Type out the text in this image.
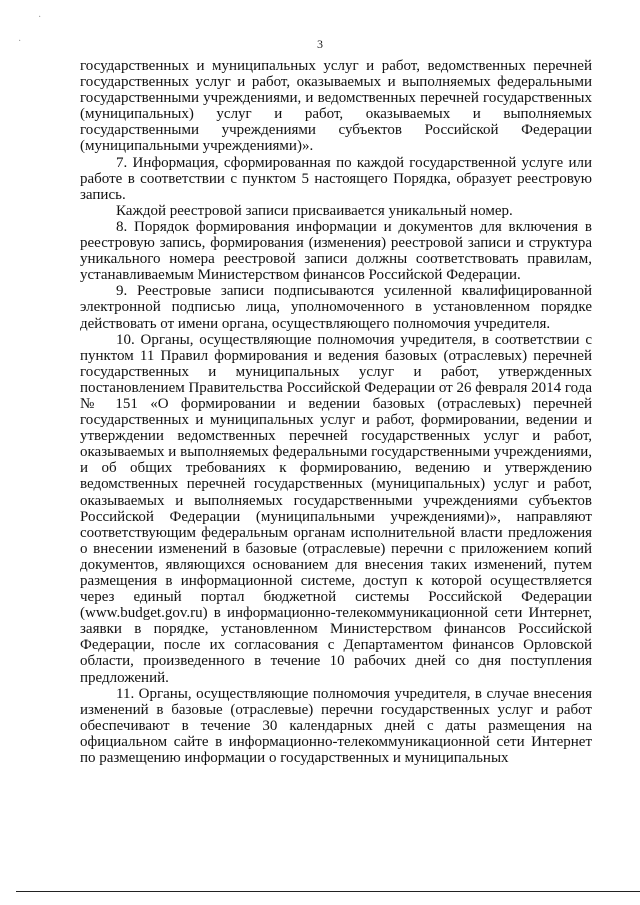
·
·	3

государственных и муниципальных услуг и работ, ведомственных перечней государственных услуг и работ, оказываемых и выполняемых федеральными государственными учреждениями, и ведомственных перечней государственных (муниципальных) услуг и работ, оказываемых и выполняемых государственными учреждениями субъектов Российской Федерации (муниципальными учреждениями)».

7. Информация, сформированная по каждой государственной услуге или работе в соответствии с пунктом 5 настоящего Порядка, образует реестровую запись.

Каждой реестровой записи присваивается уникальный номер.

8. Порядок формирования информации и документов для включения в реестровую запись, формирования (изменения) реестровой записи и структура уникального номера реестровой записи должны соответствовать правилам, устанавливаемым Министерством финансов Российской Федерации.

9. Реестровые записи подписываются усиленной квалифицированной электронной подписью лица, уполномоченного в установленном порядке действовать от имени органа, осуществляющего полномочия учредителя.

10. Органы, осуществляющие полномочия учредителя, в соответствии с пунктом 11 Правил формирования и ведения базовых (отраслевых) перечней государственных и муниципальных услуг и работ, утвержденных постановлением Правительства Российской Федерации от 26 февраля 2014 года № 151 «О формировании и ведении базовых (отраслевых) перечней государственных и муниципальных услуг и работ, формировании, ведении и утверждении ведомственных перечней государственных услуг и работ, оказываемых и выполняемых федеральными государственными учреждениями, и об общих требованиях к формированию, ведению и утверждению ведомственных перечней государственных (муниципальных) услуг и работ, оказываемых и выполняемых государственными учреждениями субъектов Российской Федерации (муниципальными учреждениями)», направляют соответствующим федеральным органам исполнительной власти предложения о внесении изменений в базовые (отраслевые) перечни с приложением копий документов, являющихся основанием для внесения таких изменений, путем размещения в информационной системе, доступ к которой осуществляется через единый портал бюджетной системы Российской Федерации (www.budget.gov.ru) в информационно-телекоммуникационной сети Интернет, заявки в порядке, установленном Министерством финансов Российской Федерации, после их согласования с Департаментом финансов Орловской области, произведенного в течение 10 рабочих дней со дня поступления предложений.

11. Органы, осуществляющие полномочия учредителя, в случае внесения изменений в базовые (отраслевые) перечни государственных услуг и работ обеспечивают в течение 30 календарных дней с даты размещения на официальном сайте в информационно-телекоммуникационной сети Интернет по размещению информации о государственных и муниципальных
